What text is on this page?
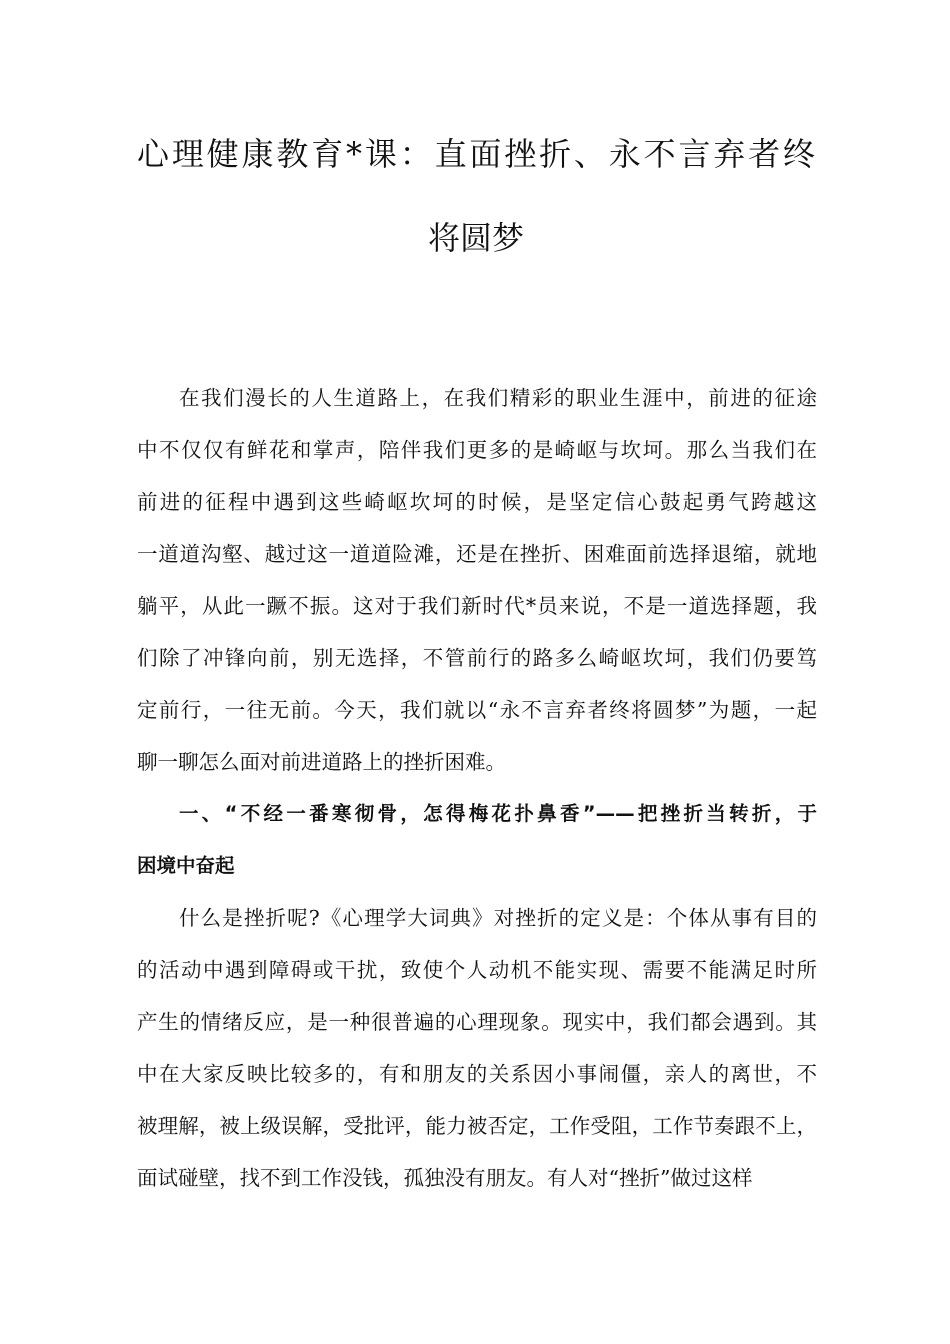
心理健康教育*课：直面挫折、永不言弃者终
将圆梦
在我们漫长的人生道路上，在我们精彩的职业生涯中，前进的征途
中不仅仅有鲜花和掌声，陪伴我们更多的是崎岖与坎坷。那么当我们在
前进的征程中遇到这些崎岖坎坷的时候，是坚定信心鼓起勇气跨越这
一道道沟壑、越过这一道道险滩，还是在挫折、困难面前选择退缩，就地
躺平，从此一蹶不振。这对于我们新时代*员来说，不是一道选择题，我
们除了冲锋向前，别无选择，不管前行的路多么崎岖坎坷，我们仍要笃
定前行，一往无前。今天，我们就以“永不言弃者终将圆梦”为题，一起
聊一聊怎么面对前进道路上的挫折困难。
一、“不经一番寒彻骨，怎得梅花扑鼻香”——把挫折当转折，于
困境中奋起
什么是挫折呢?《心理学大词典》对挫折的定义是：个体从事有目的
的活动中遇到障碍或干扰，致使个人动机不能实现、需要不能满足时所
产生的情绪反应，是一种很普遍的心理现象。现实中，我们都会遇到。其
中在大家反映比较多的，有和朋友的关系因小事闹僵，亲人的离世，不
被理解，被上级误解，受批评，能力被否定，工作受阻，工作节奏跟不上，
面试碰壁，找不到工作没钱，孤独没有朋友。有人对“挫折”做过这样
